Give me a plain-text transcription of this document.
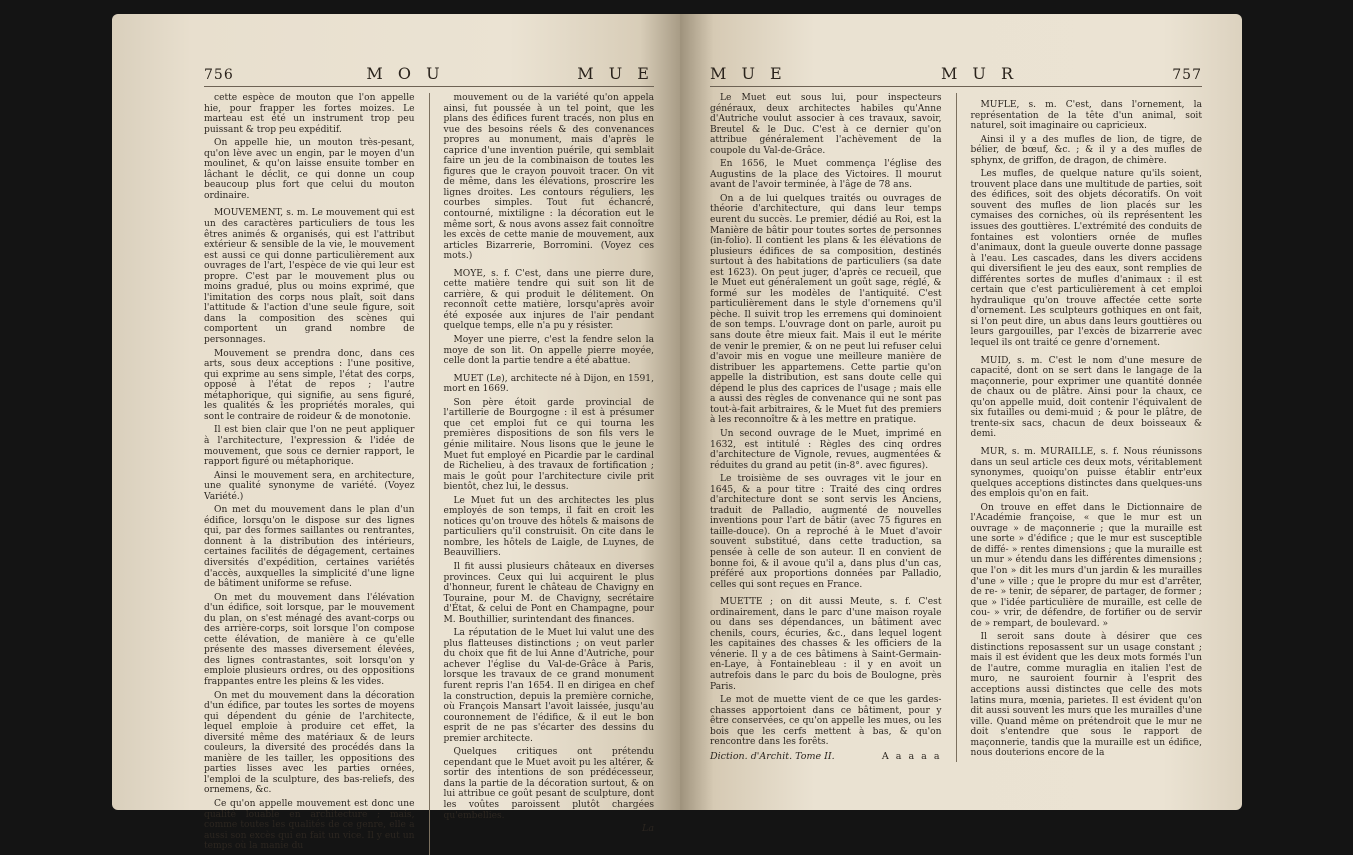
756	M O U	M U E

cette espèce de mouton que l'on appelle hie, pour frapper les fortes moizes. Le marteau est été un instrument trop peu puissant & trop peu expéditif.

On appelle hie, un mouton très-pesant, qu'on lève avec un engin, par le moyen d'un moulinet, & qu'on laisse ensuite tomber en lâchant le déclit, ce qui donne un coup beaucoup plus fort que celui du mouton ordinaire.

MOUVEMENT, s. m. Le mouvement qui est un des caractères particuliers de tous les êtres animés & organisés, qui est l'attribut extérieur & sensible de la vie, le mouvement est aussi ce qui donne particulièrement aux ouvrages de l'art, l'espèce de vie qui leur est propre. C'est par le mouvement plus ou moins gradué, plus ou moins exprimé, que l'imitation des corps nous plaît, soit dans l'attitude & l'action d'une seule figure, soit dans la composition des scènes qui comportent un grand nombre de personnages.

Mouvement se prendra donc, dans ces arts, sous deux acceptions : l'une positive, qui exprime au sens simple, l'état des corps, opposé à l'état de repos ; l'autre métaphorique, qui signifie, au sens figuré, les qualités & les propriétés morales, qui sont le contraire de roideur & de monotonie.

Il est bien clair que l'on ne peut appliquer à l'architecture, l'expression & l'idée de mouvement, que sous ce dernier rapport, le rapport figuré ou métaphorique.

Ainsi le mouvement sera, en architecture, une qualité synonyme de variété. (Voyez Variété.)

On met du mouvement dans le plan d'un édifice, lorsqu'on le dispose sur des lignes qui, par des formes saillantes ou rentrantes, donnent à la distribution des intérieurs, certaines facilités de dégagement, certaines diversités d'expédition, certaines variétés d'accès, auxquelles la simplicité d'une ligne de bâtiment uniforme se refuse.

On met du mouvement dans l'élévation d'un édifice, soit lorsque, par le mouvement du plan, on s'est ménagé des avant-corps ou des arrière-corps, soit lorsque l'on compose cette élévation, de manière à ce qu'elle présente des masses diversement élevées, des lignes contrastantes, soit lorsqu'on y emploie plusieurs ordres, ou des oppositions frappantes entre les pleins & les vides.

On met du mouvement dans la décoration d'un édifice, par toutes les sortes de moyens qui dépendent du génie de l'architecte, lequel emploie à produire cet effet, la diversité même des matériaux & de leurs couleurs, la diversité des procédés dans la manière de les tailler, les oppositions des parties lisses avec les parties ornées, l'emploi de la sculpture, des bas-reliefs, des ornemens, &c.

Ce qu'on appelle mouvement est donc une qualité louable en architecture ; mais, comme toutes les qualités de ce genre, elle a aussi son excès qui en fait un vice. Il y eut un temps où la manie du

mouvement ou de la variété qu'on appela ainsi, fut poussée à un tel point, que les plans des édifices furent tracés, non plus en vue des besoins réels & des convenances propres au monument, mais d'après le caprice d'une invention puérile, qui semblait faire un jeu de la combinaison de toutes les figures que le crayon pouvoit tracer. On vit de même, dans les élévations, proscrire les lignes droites. Les contours réguliers, les courbes simples. Tout fut échancré, contourné, mixtiligne : la décoration eut le même sort, & nous avons assez fait connoître les excès de cette manie de mouvement, aux articles Bizarrerie, Borromini. (Voyez ces mots.)

MOYE, s. f. C'est, dans une pierre dure, cette matière tendre qui suit son lit de carrière, & qui produit le délitement. On reconnoît cette matière, lorsqu'après avoir été exposée aux injures de l'air pendant quelque temps, elle n'a pu y résister.

Moyer une pierre, c'est la fendre selon la moye de son lit. On appelle pierre moyée, celle dont la partie tendre a été abattue.

MUET (Le), architecte né à Dijon, en 1591, mort en 1669.

Son père étoit garde provincial de l'artillerie de Bourgogne : il est à présumer que cet emploi fut ce qui tourna les premières dispositions de son fils vers le génie militaire. Nous lisons que le jeune le Muet fut employé en Picardie par le cardinal de Richelieu, à des travaux de fortification ; mais le goût pour l'architecture civile prit bientôt, chez lui, le dessus.

Le Muet fut un des architectes les plus employés de son temps, il fait en croit les notices qu'on trouve des hôtels & maisons de particuliers qu'il construisit. On cite dans le nombre, les hôtels de Laigle, de Luynes, de Beauvilliers.

Il fit aussi plusieurs châteaux en diverses provinces. Ceux qui lui acquirent le plus d'honneur, furent le château de Chavigny en Touraine, pour M. de Chavigny, secrétaire d'État, & celui de Pont en Champagne, pour M. Bouthillier, surintendant des finances.

La réputation de le Muet lui valut une des plus flatteuses distinctions ; on veut parler du choix que fit de lui Anne d'Autriche, pour achever l'église du Val-de-Grâce à Paris, lorsque les travaux de ce grand monument furent repris l'an 1654. Il en dirigea en chef la construction, depuis la première corniche, où François Mansart l'avoit laissée, jusqu'au couronnement de l'édifice, & il eut le bon esprit de ne pas s'écarter des dessins du premier architecte.

Quelques critiques ont prétendu cependant que le Muet avoit pu les altérer, & sortir des intentions de son prédécesseur, dans la partie de la décoration surtout, & on lui attribue ce goût pesant de sculpture, dont les voûtes paroissent plutôt chargées qu'embellies.

La
M U E	M U R	757

Le Muet eut sous lui, pour inspecteurs généraux, deux architectes habiles qu'Anne d'Autriche voulut associer à ces travaux, savoir, Breutel & le Duc. C'est à ce dernier qu'on attribue généralement l'achèvement de la coupole du Val-de-Grâce.

En 1656, le Muet commença l'église des Augustins de la place des Victoires. Il mourut avant de l'avoir terminée, à l'âge de 78 ans.

On a de lui quelques traités ou ouvrages de théorie d'architecture, qui dans leur temps eurent du succès. Le premier, dédié au Roi, est la Manière de bâtir pour toutes sortes de personnes (in-folio). Il contient les plans & les élévations de plusieurs édifices de sa composition, destinés surtout à des habitations de particuliers (sa date est 1623). On peut juger, d'après ce recueil, que le Muet eut généralement un goût sage, réglé, & formé sur les modèles de l'antiquité. C'est particulièrement dans le style d'ornemens qu'il pèche. Il suivit trop les erremens qui dominoient de son temps. L'ouvrage dont on parle, auroit pu sans doute être mieux fait. Mais il eut le mérite de venir le premier, & on ne peut lui refuser celui d'avoir mis en vogue une meilleure manière de distribuer les appartemens. Cette partie qu'on appelle la distribution, est sans doute celle qui dépend le plus des caprices de l'usage ; mais elle a aussi des règles de convenance qui ne sont pas tout-à-fait arbitraires, & le Muet fut des premiers à les reconnoître & à les mettre en pratique.

Un second ouvrage de le Muet, imprimé en 1632, est intitulé : Règles des cinq ordres d'architecture de Vignole, revues, augmentées & réduites du grand au petit (in-8°. avec figures).

Le troisième de ses ouvrages vit le jour en 1645, & a pour titre : Traité des cinq ordres d'architecture dont se sont servis les Anciens, traduit de Palladio, augmenté de nouvelles inventions pour l'art de bâtir (avec 75 figures en taille-douce). On a reproché à le Muet d'avoir souvent substitué, dans cette traduction, sa pensée à celle de son auteur. Il en convient de bonne foi, & il avoue qu'il a, dans plus d'un cas, préféré aux proportions données par Palladio, celles qui sont reçues en France.

MUETTE ; on dit aussi Meute, s. f. C'est ordinairement, dans le parc d'une maison royale ou dans ses dépendances, un bâtiment avec chenils, cours, écuries, &c., dans lequel logent les capitaines des chasses & les officiers de la vénerie. Il y a de ces bâtimens à Saint-Germain-en-Laye, à Fontainebleau : il y en avoit un autrefois dans le parc du bois de Boulogne, près Paris.

Le mot de muette vient de ce que les gardes-chasses apportoient dans ce bâtiment, pour y être conservées, ce qu'on appelle les mues, ou les bois que les cerfs mettent à bas, & qu'on rencontre dans les forêts.

Diction. d'Archit. Tome II.	A a a a a

MUFLE, s. m. C'est, dans l'ornement, la représentation de la tête d'un animal, soit naturel, soit imaginaire ou capricieux.

Ainsi il y a des mufles de lion, de tigre, de bélier, de bœuf, &c. ; & il y a des mufles de sphynx, de griffon, de dragon, de chimère.

Les mufles, de quelque nature qu'ils soient, trouvent place dans une multitude de parties, soit des édifices, soit des objets décoratifs. On voit souvent des mufles de lion placés sur les cymaises des corniches, où ils représentent les issues des gouttières. L'extrémité des conduits de fontaines est volontiers ornée de mufles d'animaux, dont la gueule ouverte donne passage à l'eau. Les cascades, dans les divers accidens qui diversifient le jeu des eaux, sont remplies de différentes sortes de mufles d'animaux : il est certain que c'est particulièrement à cet emploi hydraulique qu'on trouve affectée cette sorte d'ornement. Les sculpteurs gothiques en ont fait, si l'on peut dire, un abus dans leurs gouttières ou leurs gargouilles, par l'excès de bizarrerie avec lequel ils ont traité ce genre d'ornement.

MUID, s. m. C'est le nom d'une mesure de capacité, dont on se sert dans le langage de la maçonnerie, pour exprimer une quantité donnée de chaux ou de plâtre. Ainsi pour la chaux, ce qu'on appelle muid, doit contenir l'équivalent de six futailles ou demi-muid ; & pour le plâtre, de trente-six sacs, chacun de deux boisseaux & demi.

MUR, s. m. MURAILLE, s. f. Nous réunissons dans un seul article ces deux mots, véritablement synonymes, quoiqu'on puisse établir entr'eux quelques acceptions distinctes dans quelques-uns des emplois qu'on en fait.

On trouve en effet dans le Dictionnaire de l'Académie françoise, « que le mur est un ouvrage » de maçonnerie ; que la muraille est une sorte » d'édifice ; que le mur est susceptible de diffé- » rentes dimensions ; que la muraille est un mur » étendu dans les différentes dimensions ; que l'on » dit les murs d'un jardin & les murailles d'une » ville ; que le propre du mur est d'arrêter, de re- » tenir, de séparer, de partager, de former ; que » l'idée particulière de muraille, est celle de cou- » vrir, de défendre, de fortifier ou de servir de » rempart, de boulevard. »

Il seroit sans doute à désirer que ces distinctions reposassent sur un usage constant ; mais il est évident que les deux mots formés l'un de l'autre, comme muraglia en italien l'est de muro, ne sauroient fournir à l'esprit des acceptions aussi distinctes que celle des mots latins mura, mœnia, parietes. Il est évident qu'on dit aussi souvent les murs que les murailles d'une ville. Quand même on prétendroit que le mur ne doit s'entendre que sous le rapport de maçonnerie, tandis que la muraille est un édifice, nous douterions encore de la
